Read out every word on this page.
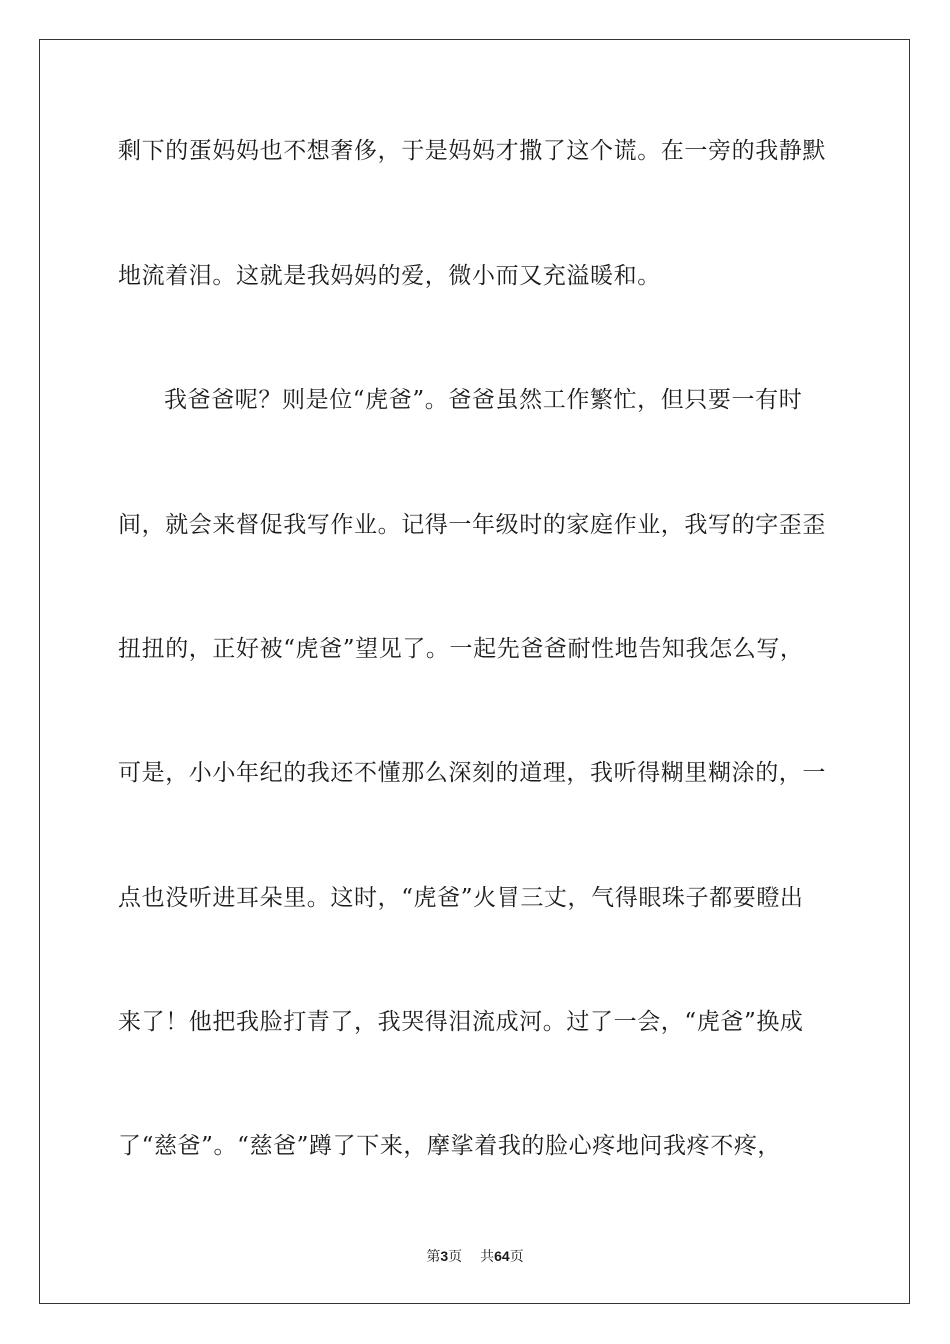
剩下的蛋妈妈也不想奢侈，于是妈妈才撒了这个谎。在一旁的我静默

地流着泪。这就是我妈妈的爱，微小而又充溢暖和。

我爸爸呢？则是位“虎爸”。爸爸虽然工作繁忙，但只要一有时

间，就会来督促我写作业。记得一年级时的家庭作业，我写的字歪歪

扭扭的，正好被“虎爸”望见了。一起先爸爸耐性地告知我怎么写，

可是，小小年纪的我还不懂那么深刻的道理，我听得糊里糊涂的，一

点也没听进耳朵里。这时，“虎爸”火冒三丈，气得眼珠子都要瞪出

来了！他把我脸打青了，我哭得泪流成河。过了一会，“虎爸”换成

了“慈爸”。“慈爸”蹲了下来，摩挲着我的脸心疼地问我疼不疼，

第3页 共64页
